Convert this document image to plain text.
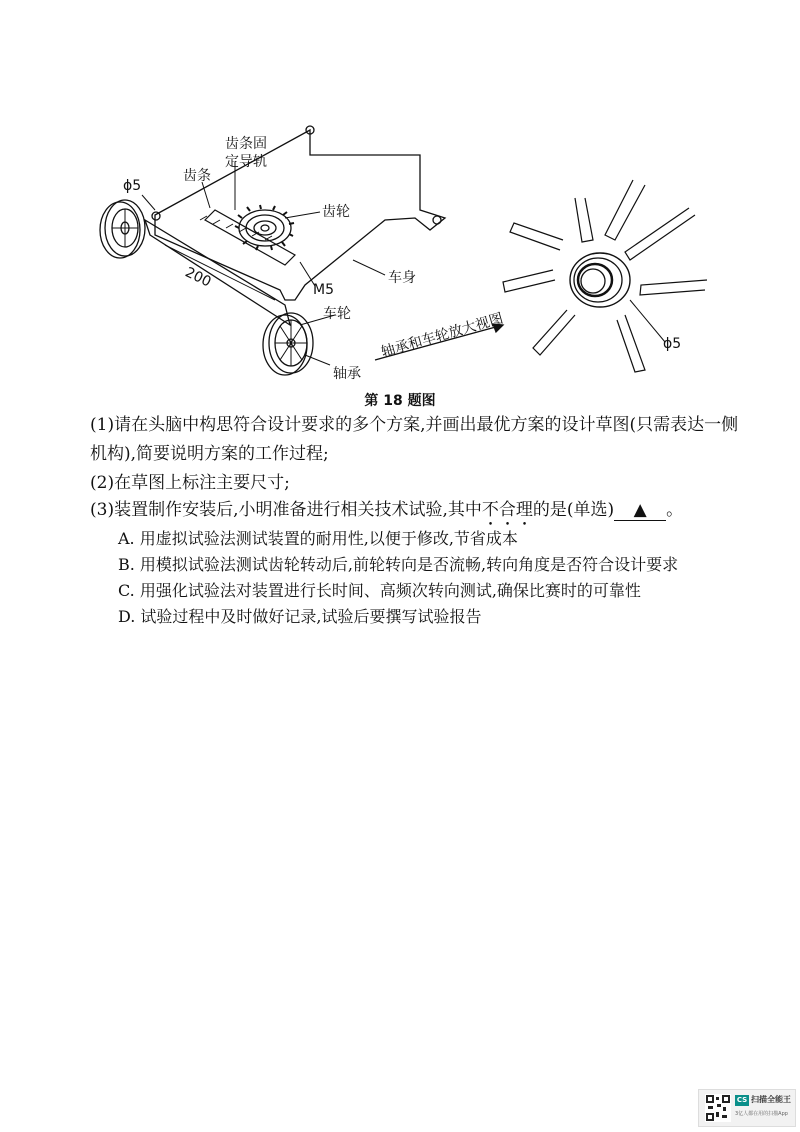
齿条固
定导轨
齿条
ϕ5
齿轮
200	M5
车身
车轮
轴承
轴承和车轮放大视图	ϕ5
第 18 题图
(1)请在头脑中构思符合设计要求的多个方案,并画出最优方案的设计草图(只需表达一侧
机构),简要说明方案的工作过程;
(2)在草图上标注主要尺寸;
(3)装置制作安装后,小明准备进行相关技术试验,其中不合理的是(单选) ▲ 。
A. 用虚拟试验法测试装置的耐用性,以便于修改,节省成本
B. 用模拟试验法测试齿轮转动后,前轮转向是否流畅,转向角度是否符合设计要求
C. 用强化试验法对装置进行长时间、高频次转向测试,确保比赛时的可靠性
D. 试验过程中及时做好记录,试验后要撰写试验报告
CS 扫描全能王
3亿人都在用的扫描App
